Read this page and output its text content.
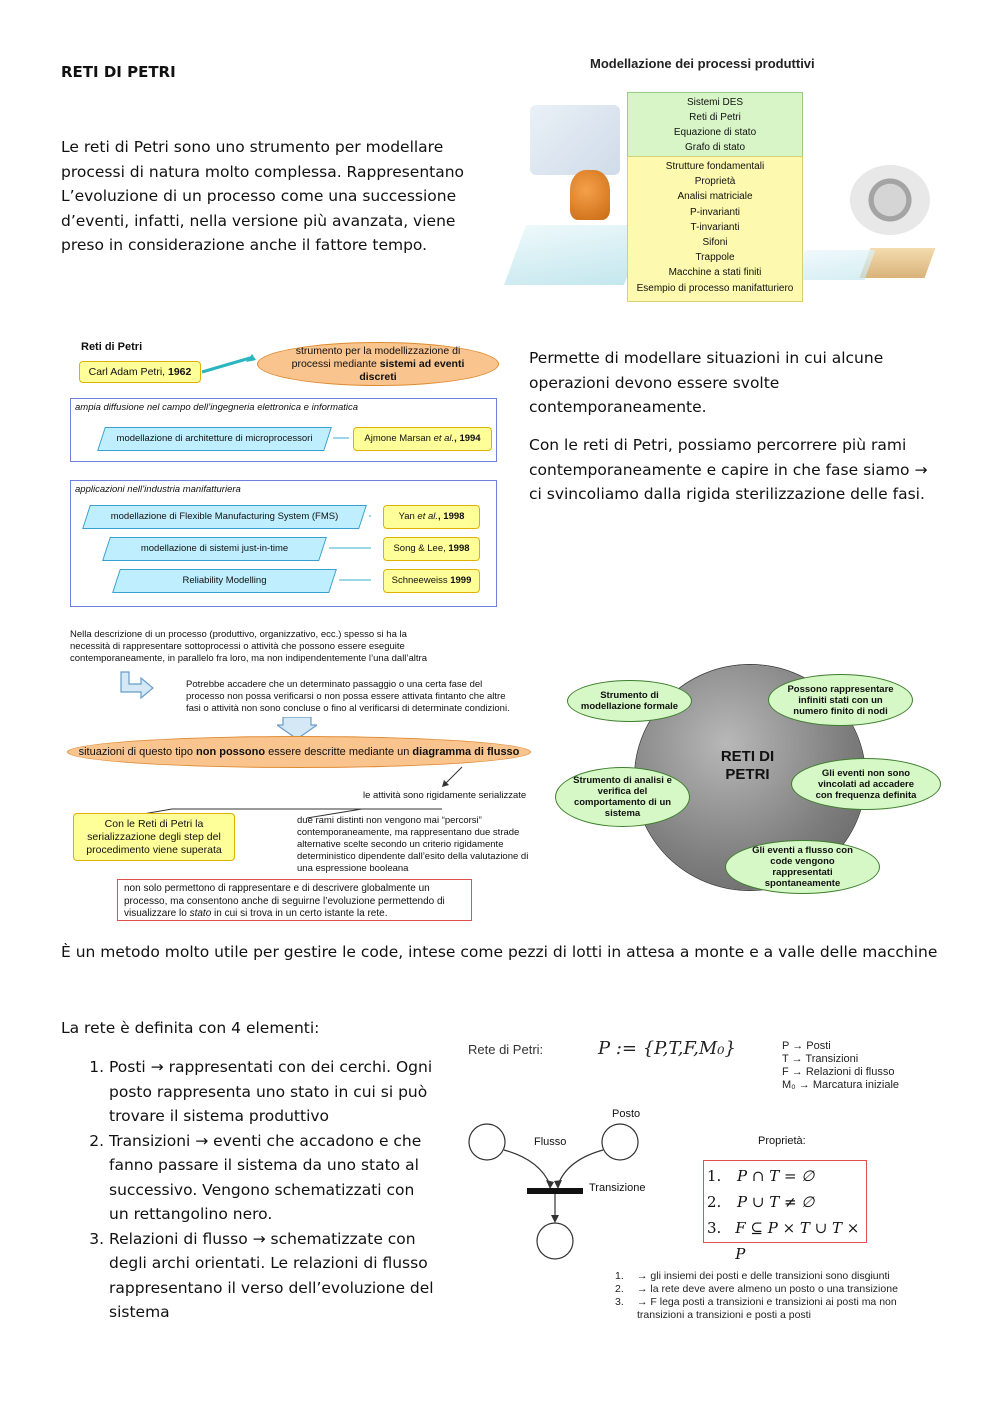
RETI DI PETRI
Le reti di Petri sono uno strumento per modellare processi di natura molto complessa. Rappresentano L’evoluzione di un processo come una successione d’eventi, infatti, nella versione più avanzata, viene preso in considerazione anche il fattore tempo.
Modellazione dei processi produttivi
Sistemi DES
Reti di Petri
Equazione di stato
Grafo di stato
Strutture fondamentali
Proprietà
Analisi matriciale
P-invarianti
T-invarianti
Sifoni
Trappole
Macchine a stati finiti
Esempio di processo manifatturiero
Reti di Petri
Carl Adam Petri, 1962
strumento per la modellizzazione di processi mediante sistemi ad eventi discreti
ampia diffusione nel campo dell’ingegneria elettronica e informatica
modellazione di architetture di microprocessori	Ajmone Marsan et al., 1994
applicazioni nell’industria manifatturiera
modellazione di Flexible Manufacturing System (FMS)	Yan et al., 1998
modellazione di sistemi just-in-time	Song & Lee, 1998
Reliability Modelling	Schneeweiss 1999
Permette di modellare situazioni in cui alcune operazioni devono essere svolte contemporaneamente.
Con le reti di Petri, possiamo percorrere più rami contemporaneamente e capire in che fase siamo → ci svincoliamo dalla rigida sterilizzazione delle fasi.
Nella descrizione di un processo (produttivo, organizzativo, ecc.) spesso si ha la necessità di rappresentare sottoprocessi o attività che possono essere eseguite contemporaneamente, in parallelo fra loro, ma non indipendentemente l’una dall’altra
Potrebbe accadere che un determinato passaggio o una certa fase del processo non possa verificarsi o non possa essere attivata fintanto che altre fasi o attività non sono concluse o fino al verificarsi di determinate condizioni.
situazioni di questo tipo non possono essere descritte mediante un diagramma di flusso
le attività sono rigidamente serializzate
Con le Reti di Petri la serializzazione degli step del procedimento viene superata
due rami distinti non vengono mai “percorsi” contemporaneamente, ma rappresentano due strade alternative scelte secondo un criterio rigidamente deterministico dipendente dall’esito della valutazione di una espressione booleana
non solo permettono di rappresentare e di descrivere globalmente un processo, ma consentono anche di seguirne l’evoluzione permettendo di visualizzare lo stato in cui si trova in un certo istante la rete.
RETI DI PETRI
Strumento di modellazione formale
Possono rappresentare infiniti stati con un numero finito di nodi
Strumento di analisi e verifica del comportamento di un sistema
Gli eventi non sono vincolati ad accadere con frequenza definita
Gli eventi a flusso con code vengono rappresentati spontaneamente
È un metodo molto utile per gestire le code, intese come pezzi di lotti in attesa a monte e a valle delle macchine
La rete è definita con 4 elementi:
1. Posti → rappresentati con dei cerchi. Ogni posto rappresenta uno stato in cui si può trovare il sistema produttivo
2. Transizioni → eventi che accadono e che fanno passare il sistema da uno stato al successivo. Vengono schematizzati con un rettangolino nero.
3. Relazioni di flusso → schematizzate con degli archi orientati. Le relazioni di flusso rappresentano il verso dell’evoluzione del sistema
Rete di Petri:	P := {P,T,F,M₀}	P → Posti
T → Transizioni
F → Relazioni di flusso
M₀ → Marcatura iniziale
Posto
Flusso
Transizione
Proprietà:
1.	P ∩ T = ∅
2.	P ∪ T ≠ ∅
3. F ⊆ P × T ∪ T × P
1.	→ gli insiemi dei posti e delle transizioni sono disgiunti
2.	→ la rete deve avere almeno un posto o una transizione
3.	→ F lega posti a transizioni e transizioni ai posti ma non transizioni a transizioni e posti a posti
